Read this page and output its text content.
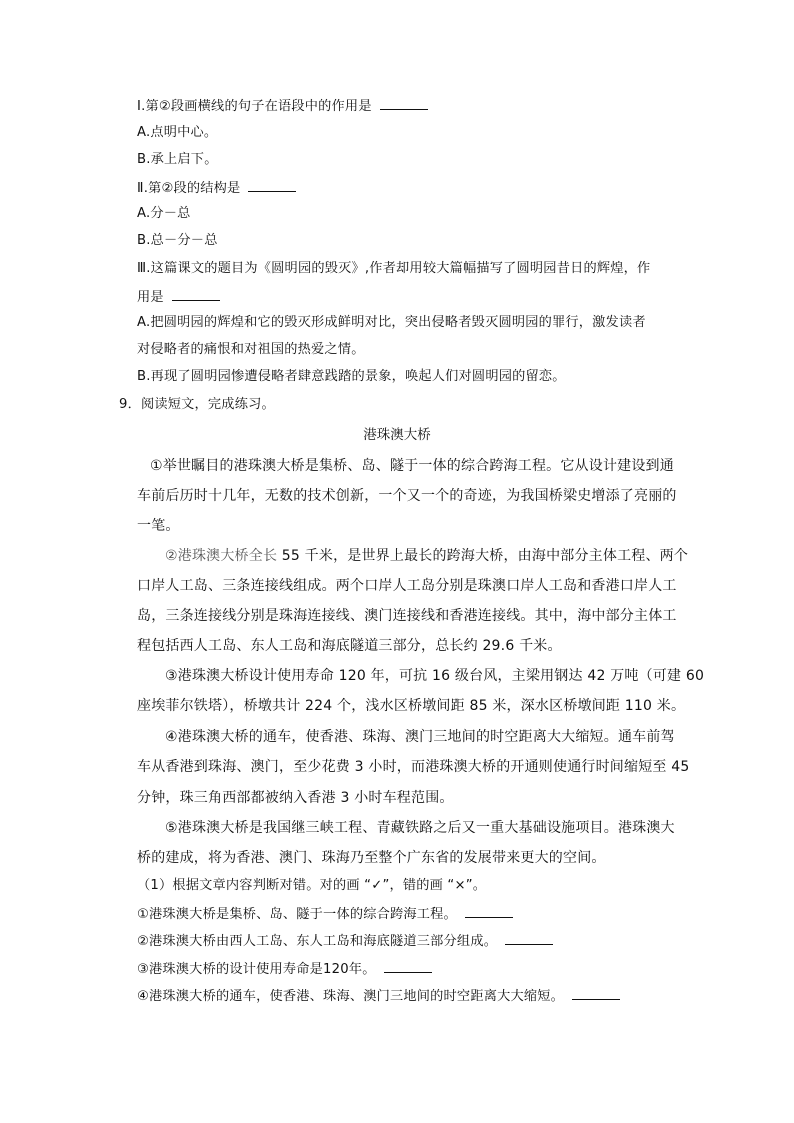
Ⅰ.第②段画横线的句子在语段中的作用是
A.点明中心。
B.承上启下。
Ⅱ.第②段的结构是
A.分－总
B.总－分－总
Ⅲ.这篇课文的题目为《圆明园的毁灭》,作者却用较大篇幅描写了圆明园昔日的辉煌，作
用是
A.把圆明园的辉煌和它的毁灭形成鲜明对比，突出侵略者毁灭圆明园的罪行，激发读者
对侵略者的痛恨和对祖国的热爱之情。
B.再现了圆明园惨遭侵略者肆意践踏的景象，唤起人们对圆明园的留恋。
9．阅读短文，完成练习。
港珠澳大桥
①举世瞩目的港珠澳大桥是集桥、岛、隧于一体的综合跨海工程。它从设计建设到通
车前后历时十几年，无数的技术创新，一个又一个的奇迹，为我国桥梁史增添了亮丽的
一笔。
②港珠澳大桥全长 55 千米，是世界上最长的跨海大桥，由海中部分主体工程、两个
口岸人工岛、三条连接线组成。两个口岸人工岛分别是珠澳口岸人工岛和香港口岸人工
岛，三条连接线分别是珠海连接线、澳门连接线和香港连接线。其中，海中部分主体工
程包括西人工岛、东人工岛和海底隧道三部分，总长约 29.6 千米。
③港珠澳大桥设计使用寿命 120 年，可抗 16 级台风，主梁用钢达 42 万吨（可建 60
座埃菲尔铁塔），桥墩共计 224 个，浅水区桥墩间距 85 米，深水区桥墩间距 110 米。
④港珠澳大桥的通车，使香港、珠海、澳门三地间的时空距离大大缩短。通车前驾
车从香港到珠海、澳门，至少花费 3 小时，而港珠澳大桥的开通则使通行时间缩短至 45
分钟，珠三角西部都被纳入香港 3 小时车程范围。
⑤港珠澳大桥是我国继三峡工程、青藏铁路之后又一重大基础设施项目。港珠澳大
桥的建成，将为香港、澳门、珠海乃至整个广东省的发展带来更大的空间。
（1）根据文章内容判断对错。对的画 “✓”，错的画 “×”。
①港珠澳大桥是集桥、岛、隧于一体的综合跨海工程。
②港珠澳大桥由西人工岛、东人工岛和海底隧道三部分组成。
③港珠澳大桥的设计使用寿命是120年。
④港珠澳大桥的通车，使香港、珠海、澳门三地间的时空距离大大缩短。
